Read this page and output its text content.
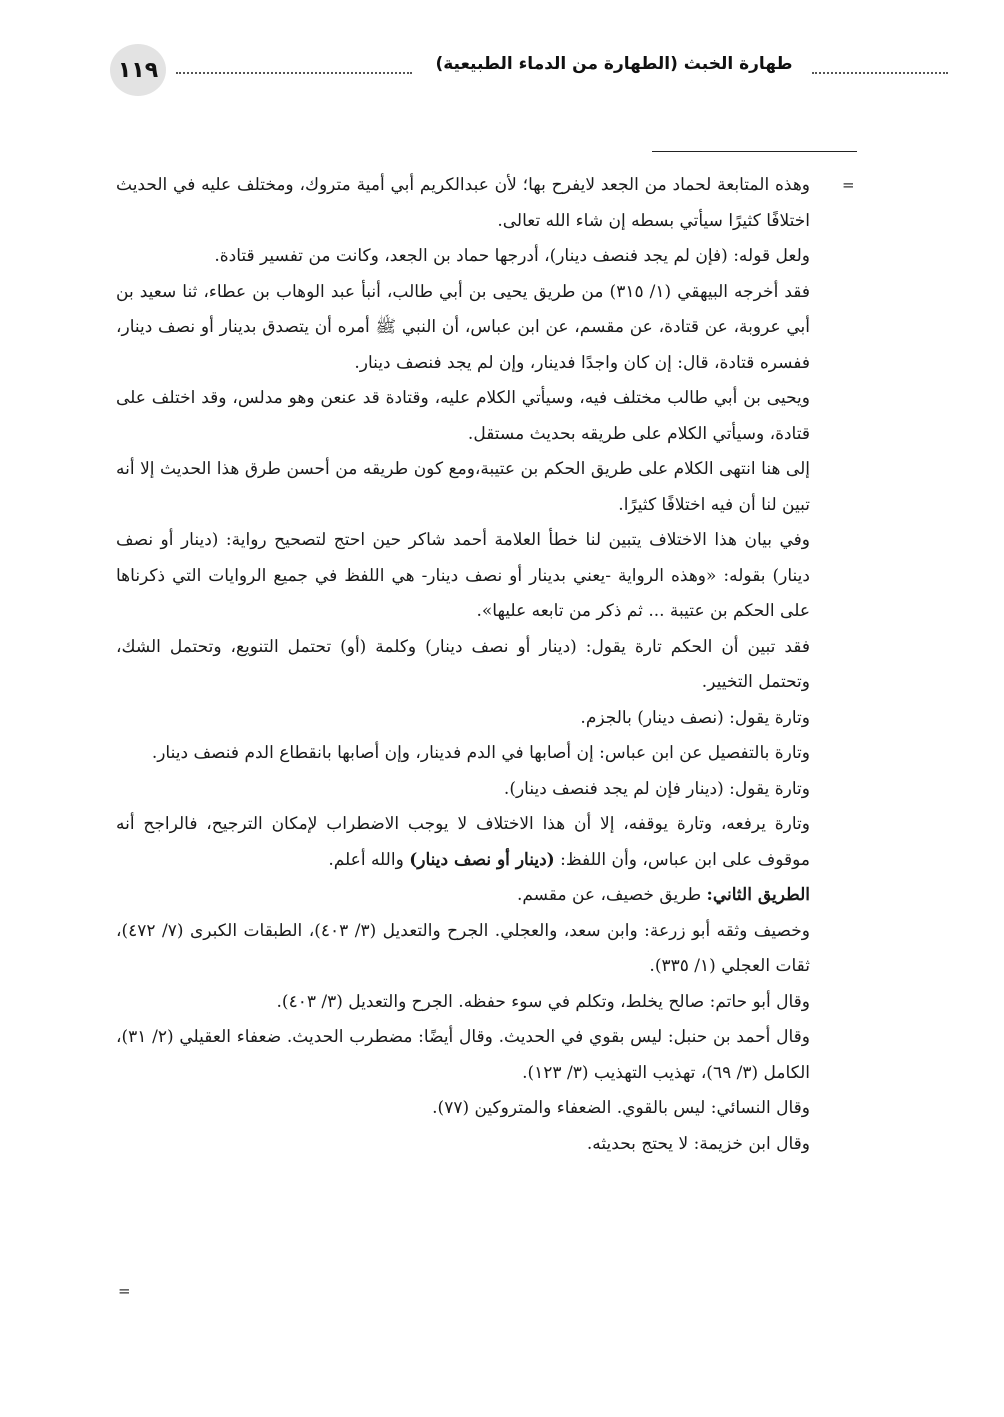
١١٩	طهارة الخبث (الطهارة من الدماء الطبيعية)
=
=

وهذه المتابعة لحماد من الجعد لايفرح بها؛ لأن عبدالكريم أبي أمية متروك، ومختلف عليه في الحديث اختلافًا كثيرًا سيأتي بسطه إن شاء الله تعالى.

ولعل قوله: (فإن لم يجد فنصف دينار)، أدرجها حماد بن الجعد، وكانت من تفسير قتادة.

فقد أخرجه البيهقي (١/ ٣١٥) من طريق يحيى بن أبي طالب، أنبأ عبد الوهاب بن عطاء، ثنا سعيد بن أبي عروبة، عن قتادة، عن مقسم، عن ابن عباس، أن النبي ﷺ أمره أن يتصدق بدينار أو نصف دينار، ففسره قتادة، قال: إن كان واجدًا فدينار، وإن لم يجد فنصف دينار.

ويحيى بن أبي طالب مختلف فيه، وسيأتي الكلام عليه، وقتادة قد عنعن وهو مدلس، وقد اختلف على قتادة، وسيأتي الكلام على طريقه بحديث مستقل.

إلى هنا انتهى الكلام على طريق الحكم بن عتيبة،ومع كون طريقه من أحسن طرق هذا الحديث إلا أنه تبين لنا أن فيه اختلافًا كثيرًا.

وفي بيان هذا الاختلاف يتبين لنا خطأ العلامة أحمد شاكر حين احتج لتصحيح رواية: (دينار أو نصف دينار) بقوله: «وهذه الرواية -يعني بدينار أو نصف دينار- هي اللفظ في جميع الروايات التي ذكرناها على الحكم بن عتيبة ... ثم ذكر من تابعه عليها».

فقد تبين أن الحكم تارة يقول: (دينار أو نصف دينار) وكلمة (أو) تحتمل التنويع، وتحتمل الشك، وتحتمل التخيير.

وتارة يقول: (نصف دينار) بالجزم.

وتارة بالتفصيل عن ابن عباس: إن أصابها في الدم فدينار، وإن أصابها بانقطاع الدم فنصف دينار.

وتارة يقول: (دينار فإن لم يجد فنصف دينار).

وتارة يرفعه، وتارة يوقفه، إلا أن هذا الاختلاف لا يوجب الاضطراب لإمكان الترجيح، فالراجح أنه موقوف على ابن عباس، وأن اللفظ: (دينار أو نصف دينار) والله أعلم.

الطريق الثاني: طريق خصيف، عن مقسم.

وخصيف وثقه أبو زرعة: وابن سعد، والعجلي. الجرح والتعديل (٣/ ٤٠٣)، الطبقات الكبرى (٧/ ٤٧٢)، ثقات العجلي (١/ ٣٣٥).

وقال أبو حاتم: صالح يخلط، وتكلم في سوء حفظه. الجرح والتعديل (٣/ ٤٠٣).

وقال أحمد بن حنبل: ليس بقوي في الحديث. وقال أيضًا: مضطرب الحديث. ضعفاء العقيلي (٢/ ٣١)، الكامل (٣/ ٦٩)، تهذيب التهذيب (٣/ ١٢٣).

وقال النسائي: ليس بالقوي. الضعفاء والمتروكين (٧٧).

وقال ابن خزيمة: لا يحتج بحديثه.
